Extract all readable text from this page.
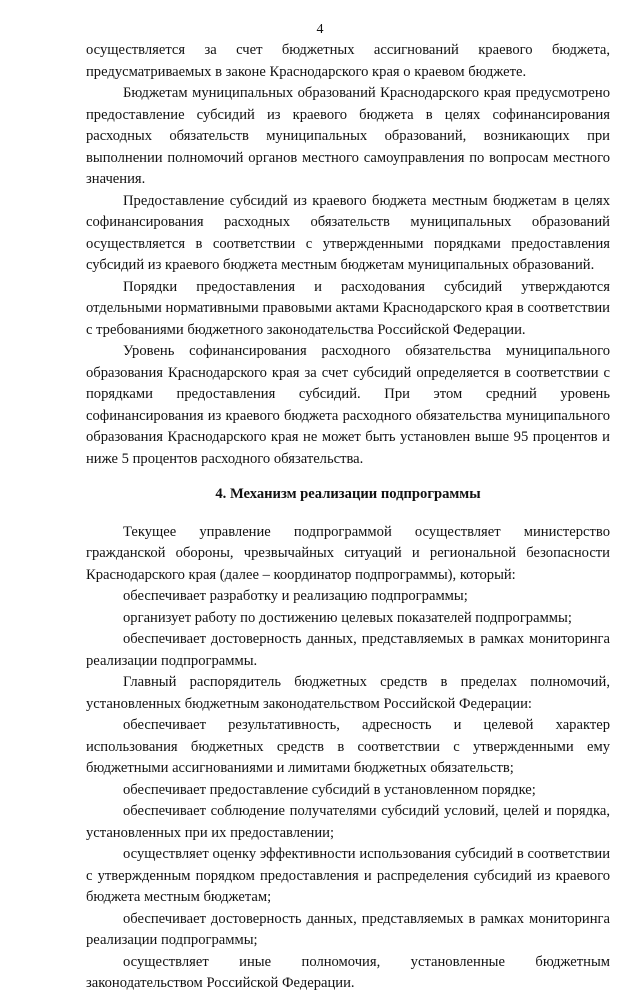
4

осуществляется за счет бюджетных ассигнований краевого бюджета, предусматриваемых в законе Краснодарского края о краевом бюджете.

Бюджетам муниципальных образований Краснодарского края предусмотрено предоставление субсидий из краевого бюджета в целях софинансирования расходных обязательств муниципальных образований, возникающих при выполнении полномочий органов местного самоуправления по вопросам местного значения.

Предоставление субсидий из краевого бюджета местным бюджетам в целях софинансирования расходных обязательств муниципальных образований осуществляется в соответствии с утвержденными порядками предоставления субсидий из краевого бюджета местным бюджетам муниципальных образований.

Порядки предоставления и расходования субсидий утверждаются отдельными нормативными правовыми актами Краснодарского края в соответствии с требованиями бюджетного законодательства Российской Федерации.

Уровень софинансирования расходного обязательства муниципального образования Краснодарского края за счет субсидий определяется в соответствии с порядками предоставления субсидий. При этом средний уровень софинансирования из краевого бюджета расходного обязательства муниципального образования Краснодарского края не может быть установлен выше 95 процентов и ниже 5 процентов расходного обязательства.

4. Механизм реализации подпрограммы

Текущее управление подпрограммой осуществляет министерство гражданской обороны, чрезвычайных ситуаций и региональной безопасности Краснодарского края (далее – координатор подпрограммы), который:

обеспечивает разработку и реализацию подпрограммы;

организует работу по достижению целевых показателей подпрограммы;

обеспечивает достоверность данных, представляемых в рамках мониторинга реализации подпрограммы.

Главный распорядитель бюджетных средств в пределах полномочий, установленных бюджетным законодательством Российской Федерации:

обеспечивает результативность, адресность и целевой характер использования бюджетных средств в соответствии с утвержденными ему бюджетными ассигнованиями и лимитами бюджетных обязательств;

обеспечивает предоставление субсидий в установленном порядке;

обеспечивает соблюдение получателями субсидий условий, целей и порядка, установленных при их предоставлении;

осуществляет оценку эффективности использования субсидий в соответствии с утвержденным порядком предоставления и распределения субсидий из краевого бюджета местным бюджетам;

обеспечивает достоверность данных, представляемых в рамках мониторинга реализации подпрограммы;

осуществляет иные полномочия, установленные бюджетным законодательством Российской Федерации.
